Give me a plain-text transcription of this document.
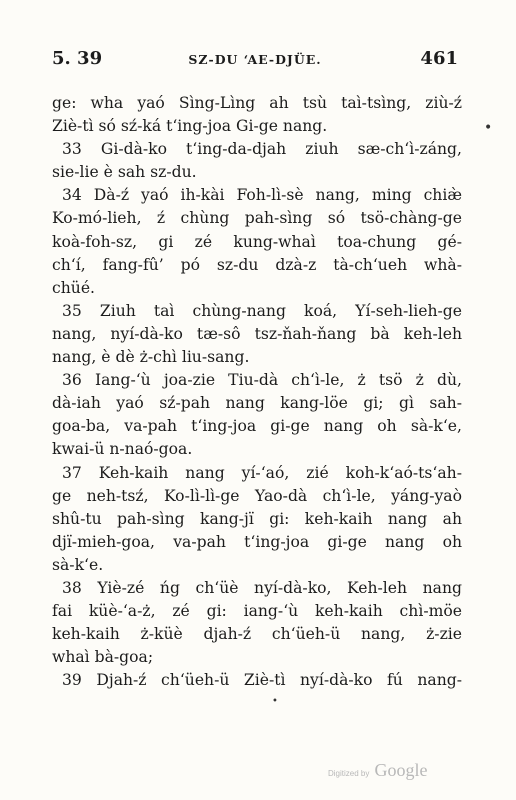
5. 39	SZ-DU ‘AE-DJÜE.	461
ge: wha yaó Sìng-Lìng ah tsù taì-tsìng, ziù-ź
Ziè-tì só sź-ká t‘ing-joa Gi-ge nang.
33 Gi-dà-ko t‘ing-da-djah ziuh sæ-ch‘ì-záng,
sie-lie è sah sz-du.
34 Dà-ź yaó ih-kài Foh-lì-sè nang, ming chiæ̀
Ko-mó-lieh, ź chùng pah-sìng só tsö-chàng-ge
koà-foh-sz, gi zé kung-whaì toa-chung gé-
ch‘í, fang-fû’ pó sz-du dzà-z tà-ch‘ueh whà-
chüé.
35 Ziuh taì chùng-nang koá, Yí-seh-lieh-ge
nang, nyí-dà-ko tæ-sô tsz-ňah-ňang bà keh-leh
nang, è dè ż-chì liu-sang.
36 Iang-‘ù joa-zie Tiu-dà ch‘ì-le, ż tsö ż dù,
dà-iah yaó sź-pah nang kang-löe gi; gì sah-
goa-ba, va-pah t‘ing-joa gi-ge nang oh sà-k‘e,
kwai-ü n-naó-goa.
37 Keh-kaih nang yí-‘aó, zié koh-k‘aó-ts‘ah-
ge neh-tsź, Ko-lì-lì-ge Yao-dà ch‘ì-le, yáng-yaò
shû-tu pah-sìng kang-jï gi: keh-kaih nang ah
djï-mieh-goa, va-pah t‘ing-joa gi-ge nang oh
sà-k‘e.
38 Yiè-zé ńg ch‘üè nyí-dà-ko, Keh-leh nang
fai küè-‘a-ż, zé gi: iang-‘ù keh-kaih chì-möe
keh-kaih ż-küè djah-ź ch‘üeh-ü nang, ż-zie
whaì bà-goa;
39 Djah-ź ch‘üeh-ü Ziè-tì nyí-dà-ko fú nang-
•
•
Digitized by Google
